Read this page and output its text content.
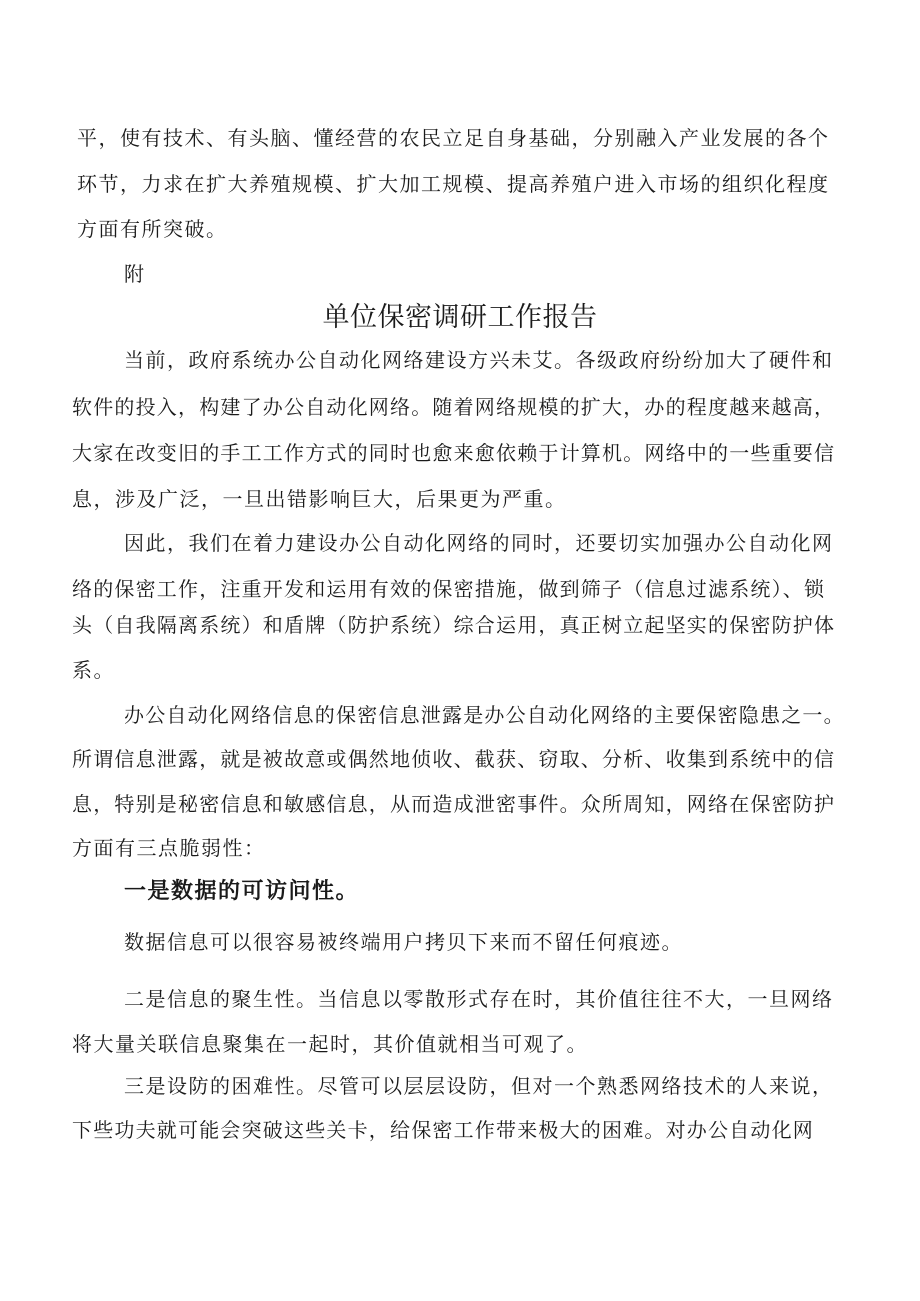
平，使有技术、有头脑、懂经营的农民立足自身基础，分别融入产业发展的各个

环节，力求在扩大养殖规模、扩大加工规模、提高养殖户进入市场的组织化程度

方面有所突破。

附

单位保密调研工作报告

当前，政府系统办公自动化网络建设方兴未艾。各级政府纷纷加大了硬件和

软件的投入，构建了办公自动化网络。随着网络规模的扩大，办的程度越来越高，

大家在改变旧的手工工作方式的同时也愈来愈依赖于计算机。网络中的一些重要信

息，涉及广泛，一旦出错影响巨大，后果更为严重。

因此，我们在着力建设办公自动化网络的同时，还要切实加强办公自动化网

络的保密工作，注重开发和运用有效的保密措施，做到筛子（信息过滤系统）、锁

头（自我隔离系统）和盾牌（防护系统）综合运用，真正树立起坚实的保密防护体

系。

办公自动化网络信息的保密信息泄露是办公自动化网络的主要保密隐患之一。

所谓信息泄露，就是被故意或偶然地侦收、截获、窃取、分析、收集到系统中的信

息，特别是秘密信息和敏感信息，从而造成泄密事件。众所周知，网络在保密防护

方面有三点脆弱性：

一是数据的可访问性。

数据信息可以很容易被终端用户拷贝下来而不留任何痕迹。

二是信息的聚生性。当信息以零散形式存在时，其价值往往不大，一旦网络

将大量关联信息聚集在一起时，其价值就相当可观了。

三是设防的困难性。尽管可以层层设防，但对一个熟悉网络技术的人来说，

下些功夫就可能会突破这些关卡，给保密工作带来极大的困难。对办公自动化网
